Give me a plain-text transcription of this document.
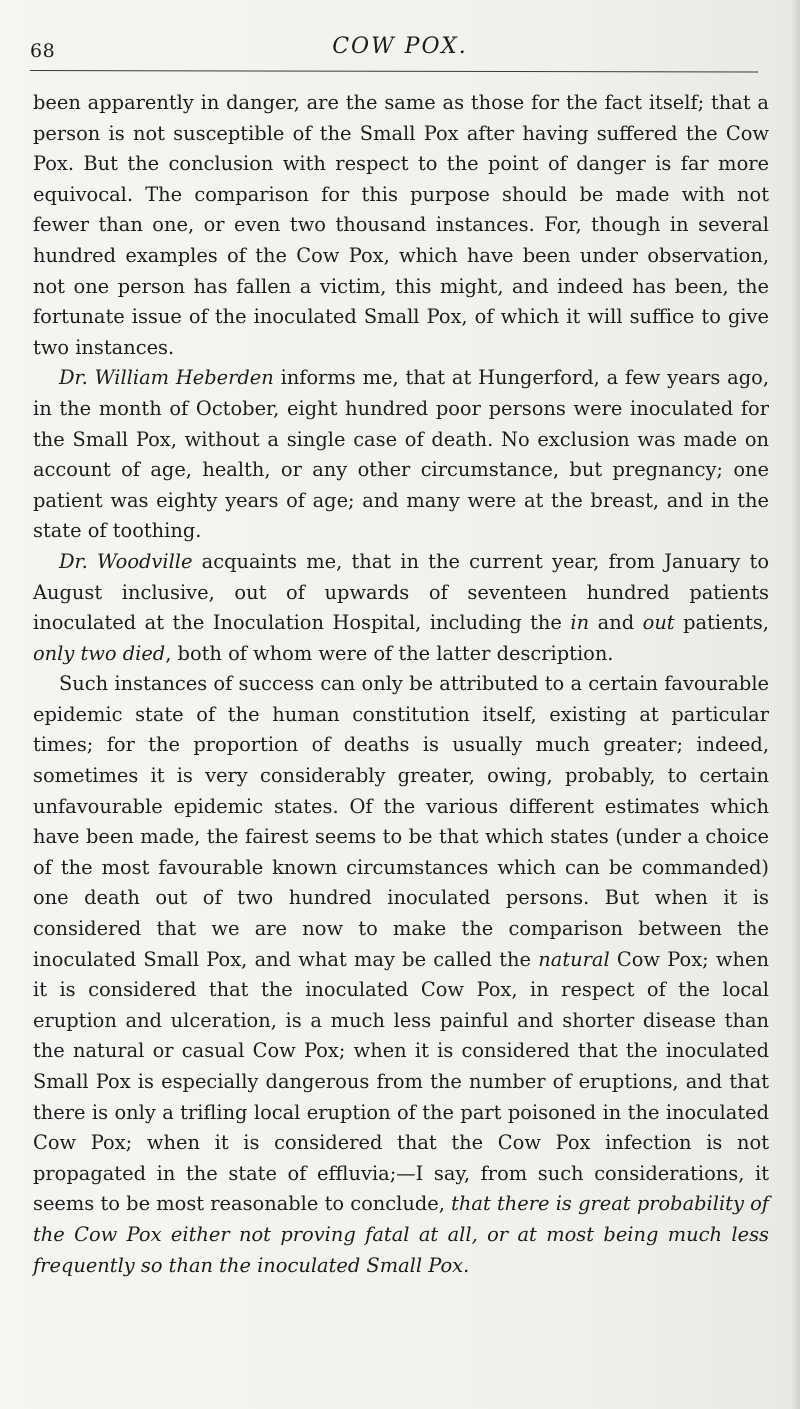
68	COW POX.

been apparently in danger, are the same as those for the fact itself; that a person is not susceptible of the Small Pox after having suffered the Cow Pox. But the conclusion with respect to the point of danger is far more equivocal. The comparison for this purpose should be made with not fewer than one, or even two thousand instances. For, though in several hundred examples of the Cow Pox, which have been under observation, not one person has fallen a victim, this might, and indeed has been, the fortunate issue of the inoculated Small Pox, of which it will suffice to give two instances.

Dr. William Heberden informs me, that at Hungerford, a few years ago, in the month of October, eight hundred poor persons were inoculated for the Small Pox, without a single case of death. No exclusion was made on account of age, health, or any other circumstance, but pregnancy; one patient was eighty years of age; and many were at the breast, and in the state of toothing.

Dr. Woodville acquaints me, that in the current year, from January to August inclusive, out of upwards of seventeen hundred patients inoculated at the Inoculation Hospital, including the in and out patients, only two died, both of whom were of the latter description.

Such instances of success can only be attributed to a certain favourable epidemic state of the human constitution itself, existing at particular times; for the proportion of deaths is usually much greater; indeed, sometimes it is very considerably greater, owing, probably, to certain unfavourable epidemic states. Of the various different estimates which have been made, the fairest seems to be that which states (under a choice of the most favourable known circumstances which can be commanded) one death out of two hundred inoculated persons. But when it is considered that we are now to make the comparison between the inoculated Small Pox, and what may be called the natural Cow Pox; when it is considered that the inoculated Cow Pox, in respect of the local eruption and ulceration, is a much less painful and shorter disease than the natural or casual Cow Pox; when it is considered that the inoculated Small Pox is especially dangerous from the number of eruptions, and that there is only a trifling local eruption of the part poisoned in the inoculated Cow Pox; when it is considered that the Cow Pox infection is not propagated in the state of effluvia;—I say, from such considerations, it seems to be most reasonable to conclude, that there is great probability of the Cow Pox either not proving fatal at all, or at most being much less frequently so than the inoculated Small Pox.
